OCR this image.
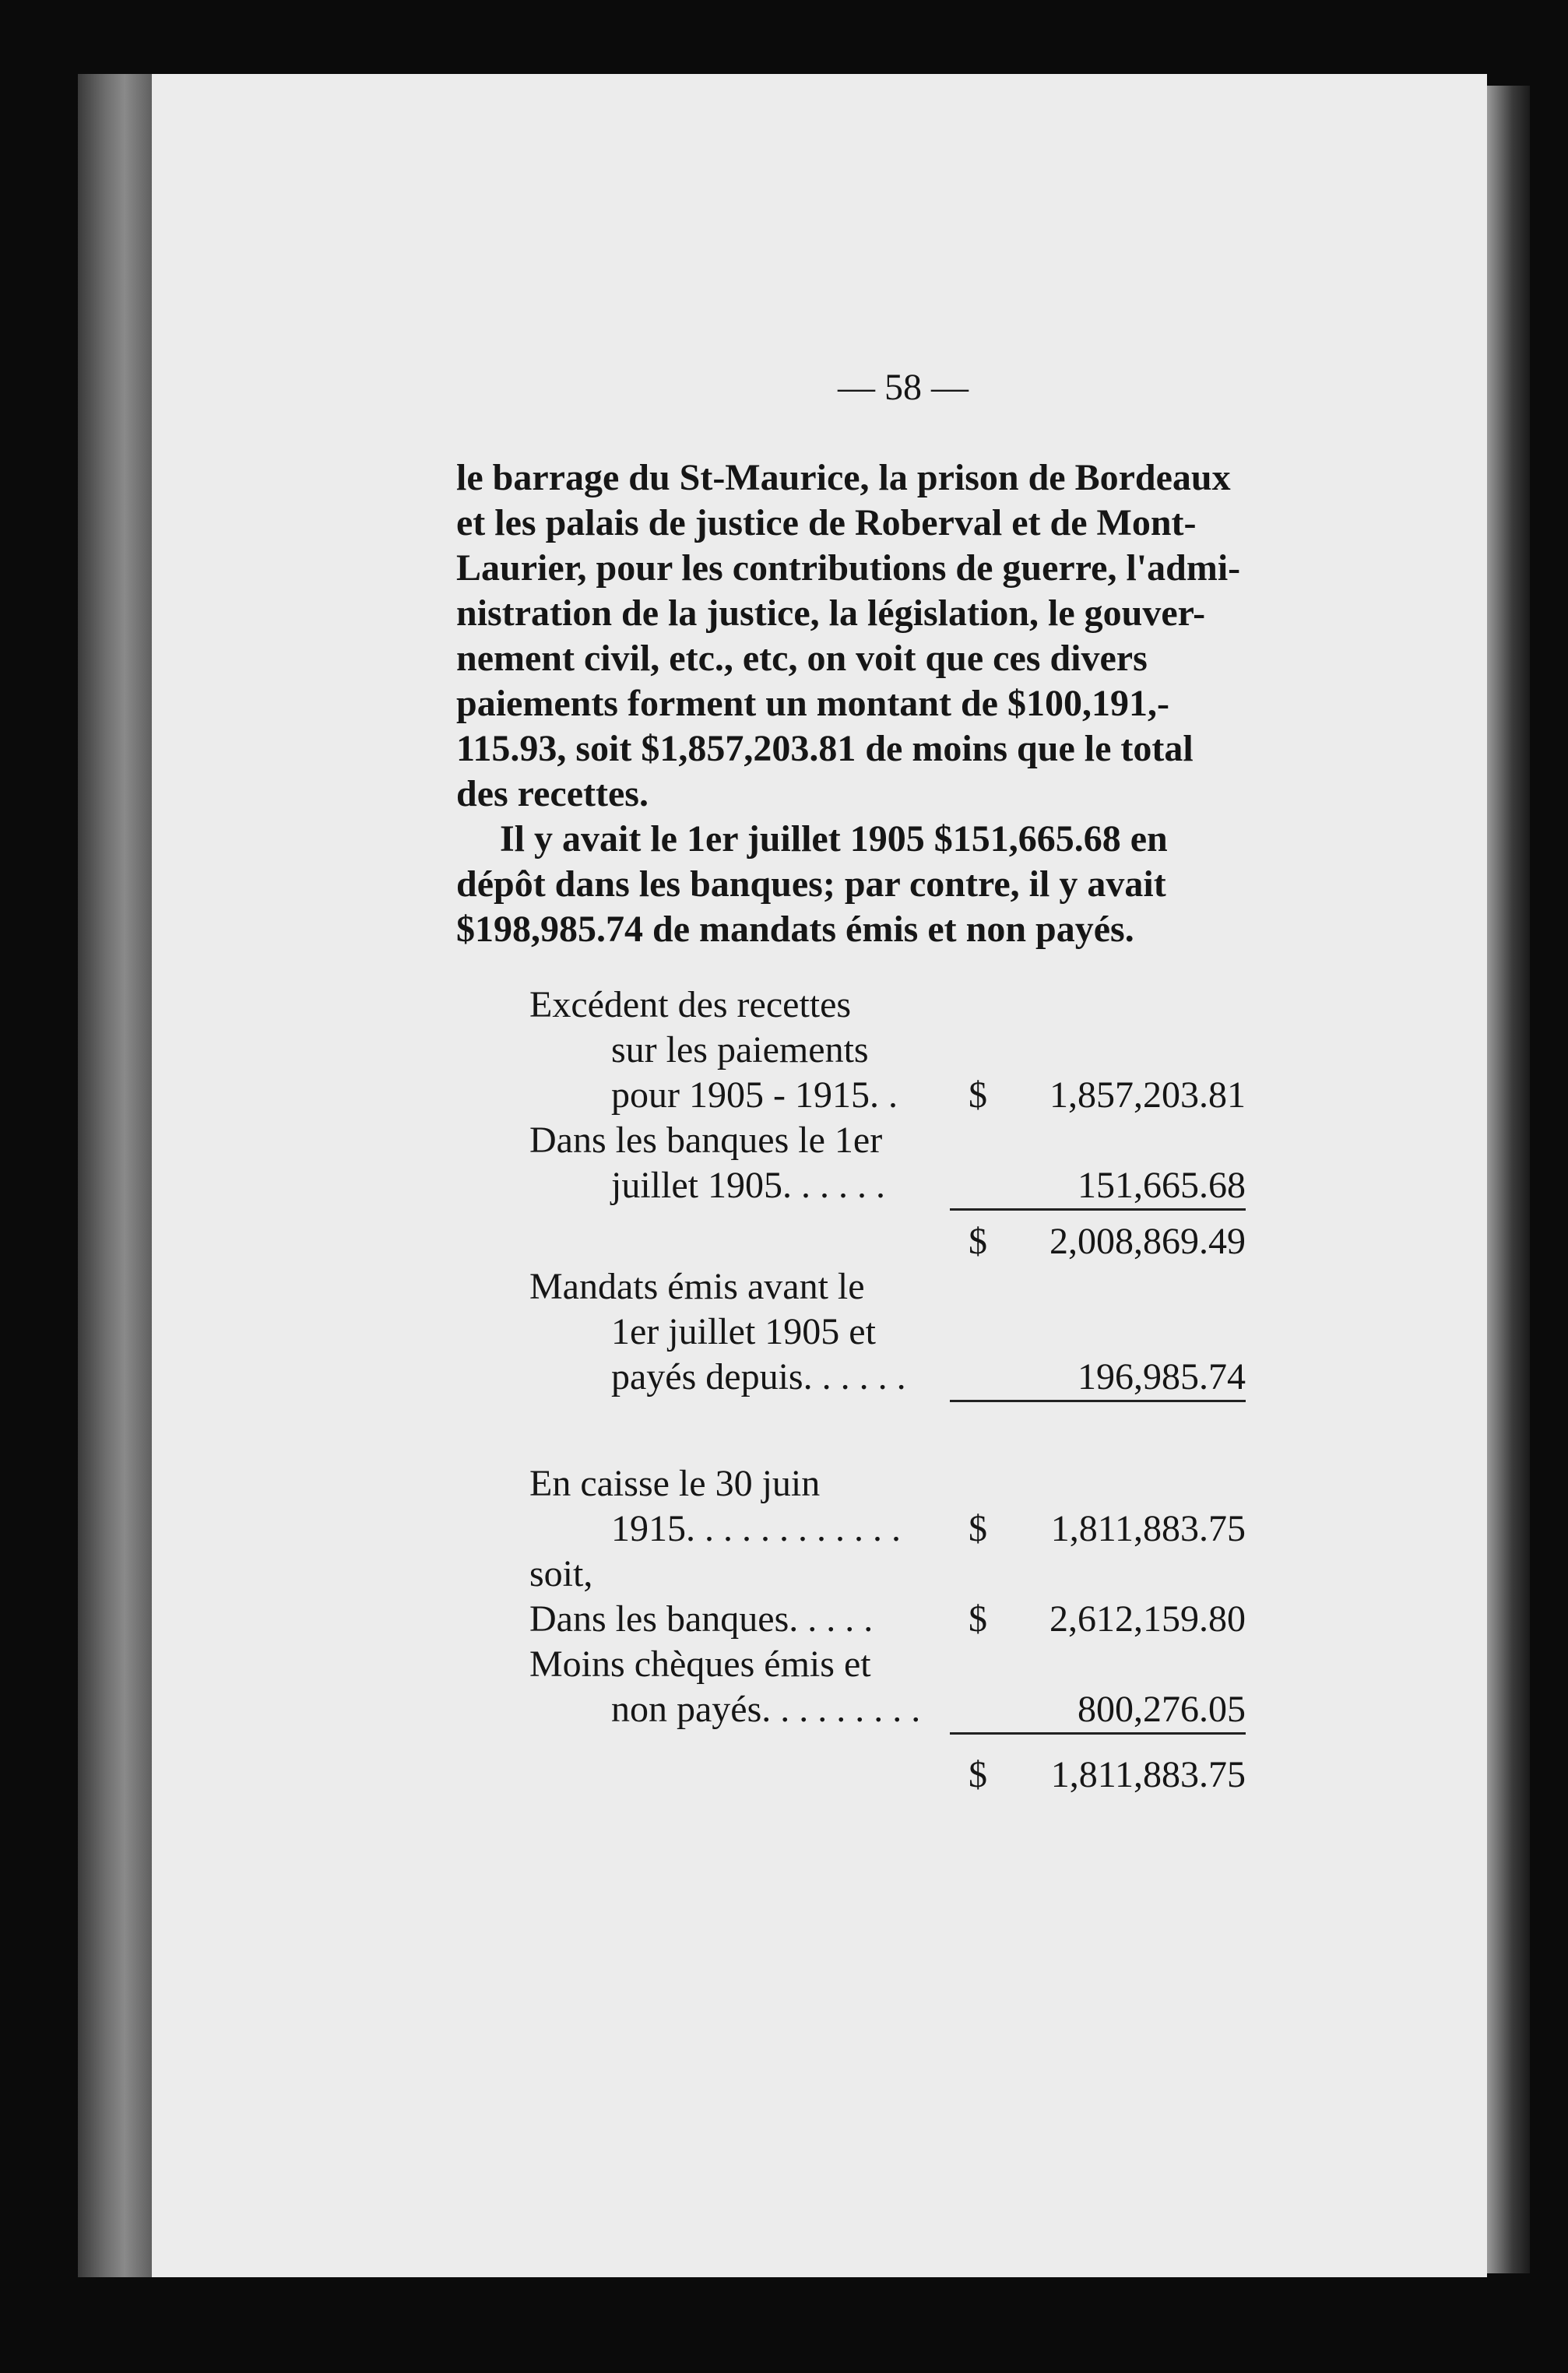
— 58 —

le barrage du St-Maurice, la prison de Bordeaux

et les palais de justice de Roberval et de Mont-

Laurier, pour les contributions de guerre, l'admi-

nistration de la justice, la législation, le gouver-

nement civil, etc., etc, on voit que ces divers

paiements forment un montant de $100,191,-

115.93, soit $1,857,203.81 de moins que le total

des recettes.

Il y avait le 1er juillet 1905 $151,665.68 en

dépôt dans les banques; par contre, il y avait

$198,985.74 de mandats émis et non payés.

Excédent des recettes
sur les paiements
pour 1905 - 1915. . $ 1,857,203.81
Dans les banques le 1er
juillet 1905. . . . . .	151,665.68
$ 2,008,869.49
Mandats émis avant le
1er juillet 1905 et
payés depuis. . . . . .	196,985.74
En caisse le 30 juin
1915. . . . . . . . . . . . $ 1,811,883.75
soit,
Dans les banques. . . . .	$ 2,612,159.80
Moins chèques émis et
non payés. . . . . . . . .	800,276.05
$ 1,811,883.75
